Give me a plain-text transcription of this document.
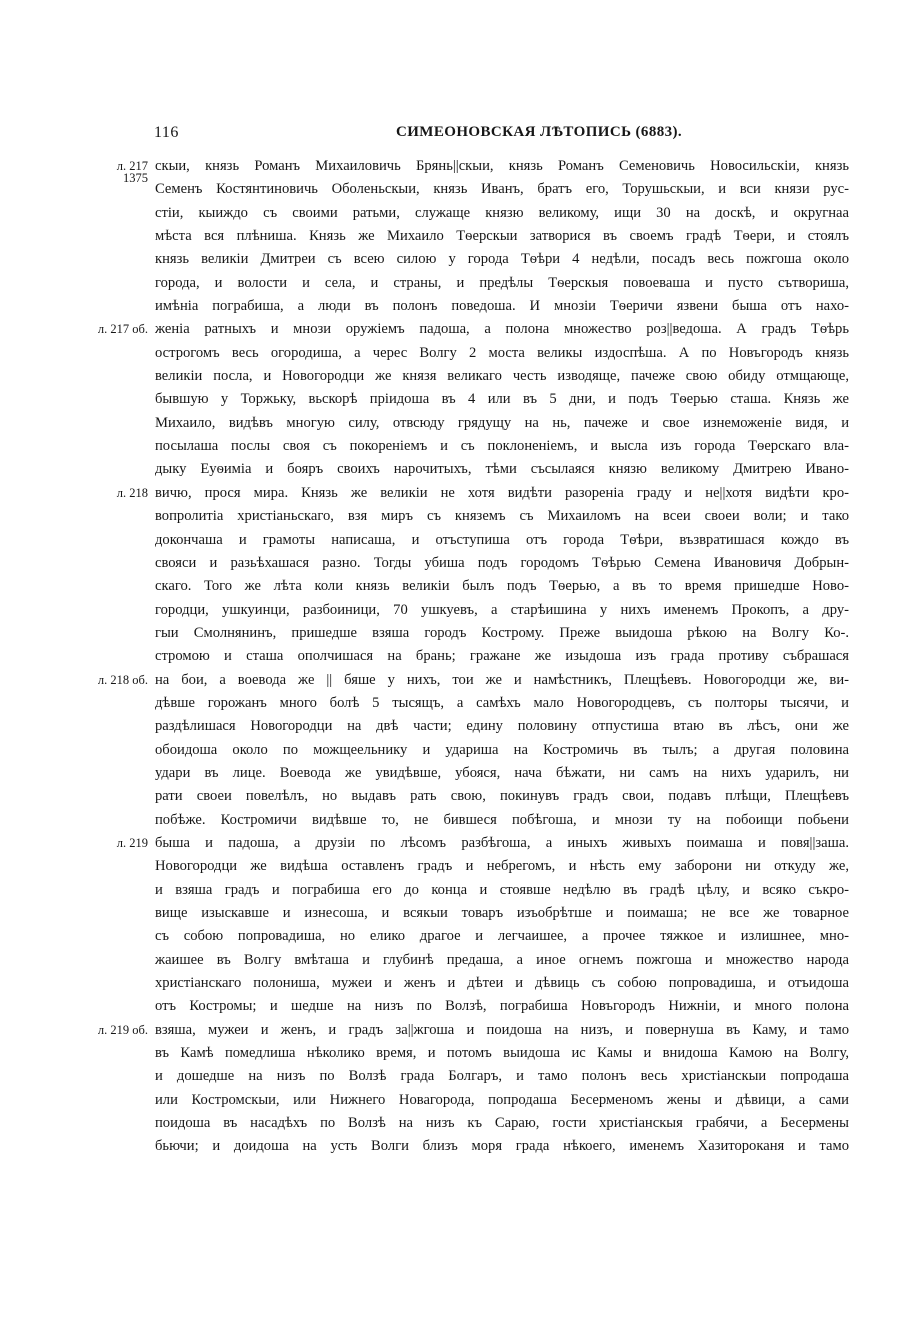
116	СИМЕОНОВСКАЯ ЛѢТОПИСЬ (6883).
л. 217 скыи, князь Романъ Михаиловичь Брянь||скыи, князь Романъ Семеновичь Новосильскiи, князь
1375
Семенъ Костянтиновичь Оболеньскыи, князь Иванъ, братъ его, Торушьскыи, и вси князи рус-
стiи, кыиждо съ своими ратьми, служаще князю великому, ищи 30 на доскѣ, и округнаа
мѣста вся плѣниша. Князь же Михаило Тѳерскыи затворися въ своемъ градѣ Тѳери, и стоялъ
князь великiи Дмитреи съ всею силою у города Тѳѣри 4 недѣли, посадъ весь пожгоша около
города, и волости и села, и страны, и предѣлы Тѳерскыя повоеваша и пусто сътвориша,
имѣнiа пограбиша, а люди въ полонъ поведоша. И мнозiи Тѳеричи язвени быша отъ нахо-
л. 217 об. женiа ратныхъ и мнози оружiемъ падоша, а полона множество роз||ведоша. А градъ Тѳѣрь
острогомъ весь огородиша, а черес Волгу 2 моста великы издоспѣша. А по Новъгородъ князь
великiи посла, и Новогородци же князя великаго честь изводяще, пачеже свою обиду отмщающе,
бывшую у Торжьку, вьскорѣ прiидоша въ 4 или въ 5 дни, и подъ Тѳерью сташа. Князь же
Михаило, видѣвъ многую силу, отвсюду грядущу на нь, пачеже и свое изнеможенiе видя, и
посылаша послы своя съ покоренiемъ и съ поклоненiемъ, и высла изъ города Тѳерскаго вла-
дыку Еуѳимiа и бояръ своихъ нарочитыхъ, тѣми съсылаяся князю великому Дмитрею Ивано-
л. 218 вичю, прося мира. Князь же великiи не хотя видѣти разоренiа граду и не||хотя видѣти кро-
вопролитiа христiаньскаго, взя миръ съ княземъ съ Михаиломъ на всеи своеи воли; и тако
докончаша и грамоты написаша, и отъступиша отъ города Тѳѣри, възвратишася кождо въ
свояси и разьѣхашася разно. Тогды убиша подъ городомъ Тѳѣрью Семена Ивановичя Добрын-
скаго. Того же лѣта коли князь великiи былъ подъ Тѳерью, а въ то время пришедше Ново-
городци, ушкуинци, разбоиници, 70 ушкуевъ, а старѣишина у нихъ именемъ Прокопъ, а дру-
гыи Смолнянинъ, пришедше взяша городъ Кострому. Преже выидоша рѣкою на Волгу Ко-.
стромою и сташа ополчишася на брань; гражане же изыдоша изъ града противу събрашася
л. 218 об. на бои, а воевода же || бяше у нихъ, тои же и намѣстникъ, Плещѣевъ. Новогородци же, ви-
дѣвше горожанъ много болѣ 5 тысящъ, а самѣхъ мало Новогородцевъ, съ полторы тысячи, и
раздѣлишася Новогородци на двѣ части; едину половину отпустиша втаю въ лѣсъ, они же
обоидоша около по можщеельнику и удариша на Костромичь въ тылъ; а другая половина
удари въ лице. Воевода же увидѣвше, убояся, нача бѣжати, ни самъ на нихъ ударилъ, ни
рати своеи повелѣлъ, но выдавъ рать свою, покинувъ градъ свои, подавъ плѣщи, Плещѣевъ
побѣже. Костромичи видѣвше то, не бившеся побѣгоша, и мнози ту на побоищи побьени
л. 219 быша и падоша, а друзiи по лѣсомъ разбѣгоша, а иныхъ живыхъ поимаша и повя||заша.
Новогородци же видѣша оставленъ градъ и небрегомъ, и нѣсть ему заборони ни откуду же,
и взяша градъ и пограбиша его до конца и стоявше недѣлю въ градѣ цѣлу, и всяко съкро-
вище изыскавше и изнесоша, и всякыи товаръ изъобрѣтше и поимаша; не все же товарное
съ собою попровадиша, но елико драгое и легчаишее, а прочее тяжкое и излишнее, мно-
жаишее въ Волгу вмѣташа и глубинѣ предаша, а иное огнемъ пожгоша и множество народа
христiанскаго полониша, мужеи и женъ и дѣтеи и дѣвиць съ собою попровадиша, и отъидоша
отъ Костромы; и шедше на низъ по Волзѣ, пограбиша Новъгородъ Нижнiи, и много полона
л. 219 об. взяша, мужеи и женъ, и градъ за||жгоша и поидоша на низъ, и повернуша въ Каму, и тамо
въ Камѣ помедлиша нѣколико время, и потомъ выидоша ис Камы и внидоша Камою на Волгу,
и дошедше на низъ по Волзѣ града Болгаръ, и тамо полонъ весь христiанскыи попродаша
или Костромскыи, или Нижнего Новагорода, попродаша Бесерменомъ жены и дѣвици, а сами
поидоша въ насадѣхъ по Волзѣ на низъ къ Сараю, гости христiанскыя грабячи, а Бесермены
бьючи; и доидоша на усть Волги близъ моря града нѣкоего, именемъ Хазитороканя и тамо
